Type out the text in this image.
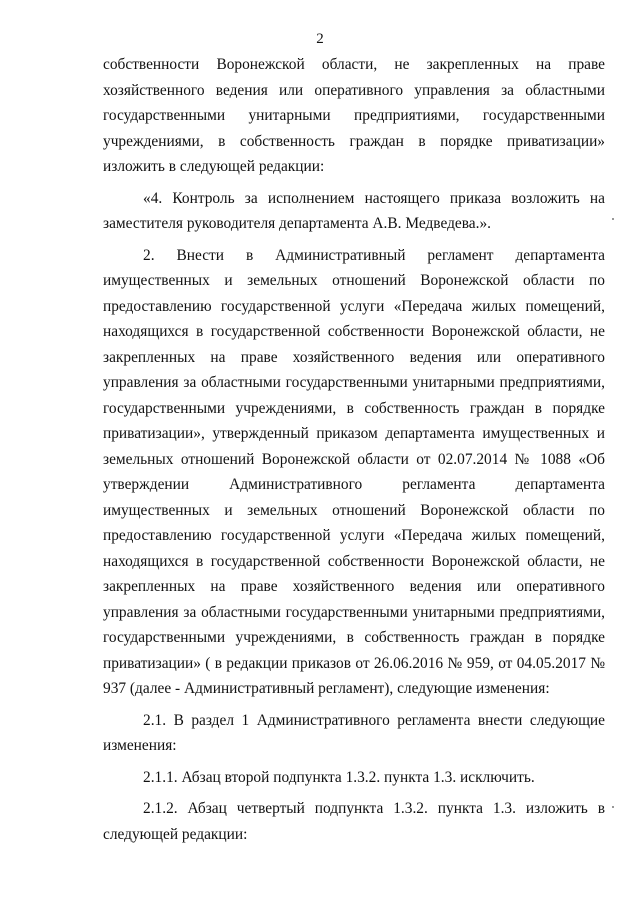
2

собственности Воронежской области, не закрепленных на праве хозяйственного ведения или оперативного управления за областными государственными унитарными предприятиями, государственными учреждениями, в собственность граждан в порядке приватизации» изложить в следующей редакции:

«4. Контроль за исполнением настоящего приказа возложить на заместителя руководителя департамента А.В. Медведева.».

2. Внести в Административный регламент департамента имущественных и земельных отношений Воронежской области по предоставлению государственной услуги «Передача жилых помещений, находящихся в государственной собственности Воронежской области, не закрепленных на праве хозяйственного ведения или оперативного управления за областными государственными унитарными предприятиями, государственными учреждениями, в собственность граждан в порядке приватизации», утвержденный приказом департамента имущественных и земельных отношений Воронежской области от 02.07.2014 № 1088 «Об утверждении Административного регламента департамента имущественных и земельных отношений Воронежской области по предоставлению государственной услуги «Передача жилых помещений, находящихся в государственной собственности Воронежской области, не закрепленных на праве хозяйственного ведения или оперативного управления за областными государственными унитарными предприятиями, государственными учреждениями, в собственность граждан в порядке приватизации» ( в редакции приказов от 26.06.2016 № 959, от 04.05.2017 № 937 (далее - Административный регламент), следующие изменения:

2.1. В раздел 1 Административного регламента внести следующие изменения:

2.1.1. Абзац второй подпункта 1.3.2. пункта 1.3. исключить.

2.1.2. Абзац четвертый подпункта 1.3.2. пункта 1.3. изложить в следующей редакции:
